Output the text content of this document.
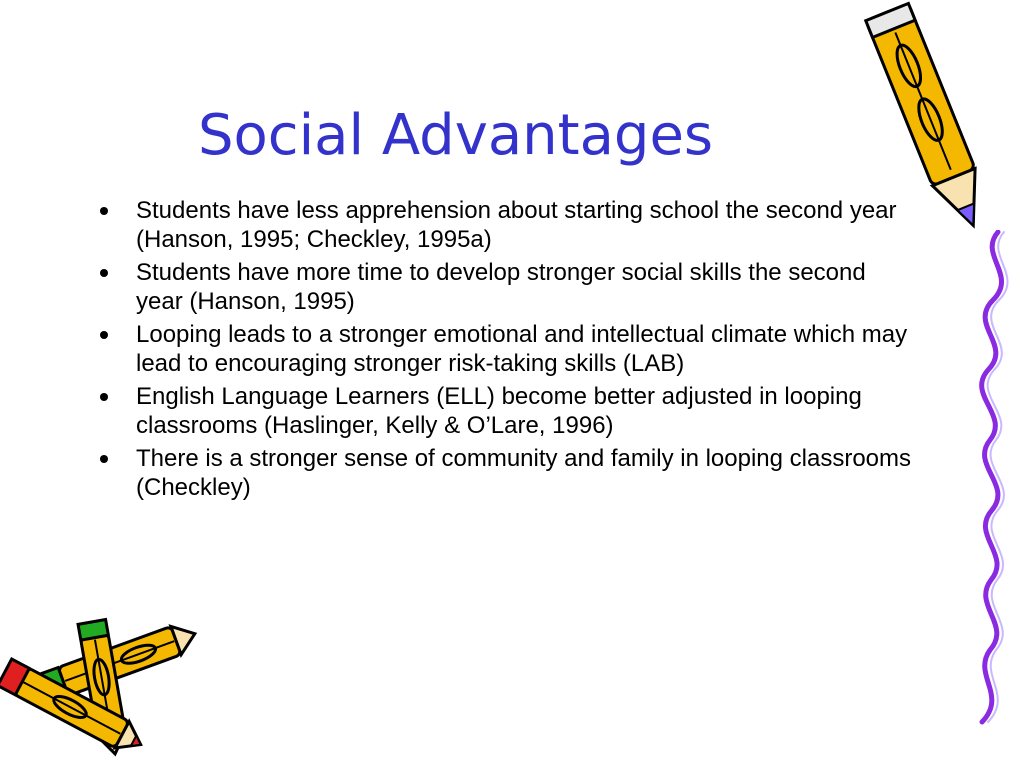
Social Advantages
Students have less apprehension about starting school the second year (Hanson, 1995; Checkley, 1995a)
Students have more time to develop stronger social skills the second year (Hanson, 1995)
Looping leads to a stronger emotional and intellectual climate which may lead to encouraging stronger risk-taking skills (LAB)
English Language Learners (ELL) become better adjusted in looping classrooms (Haslinger, Kelly & O’Lare, 1996)
There is a stronger sense of community and family in looping classrooms (Checkley)
